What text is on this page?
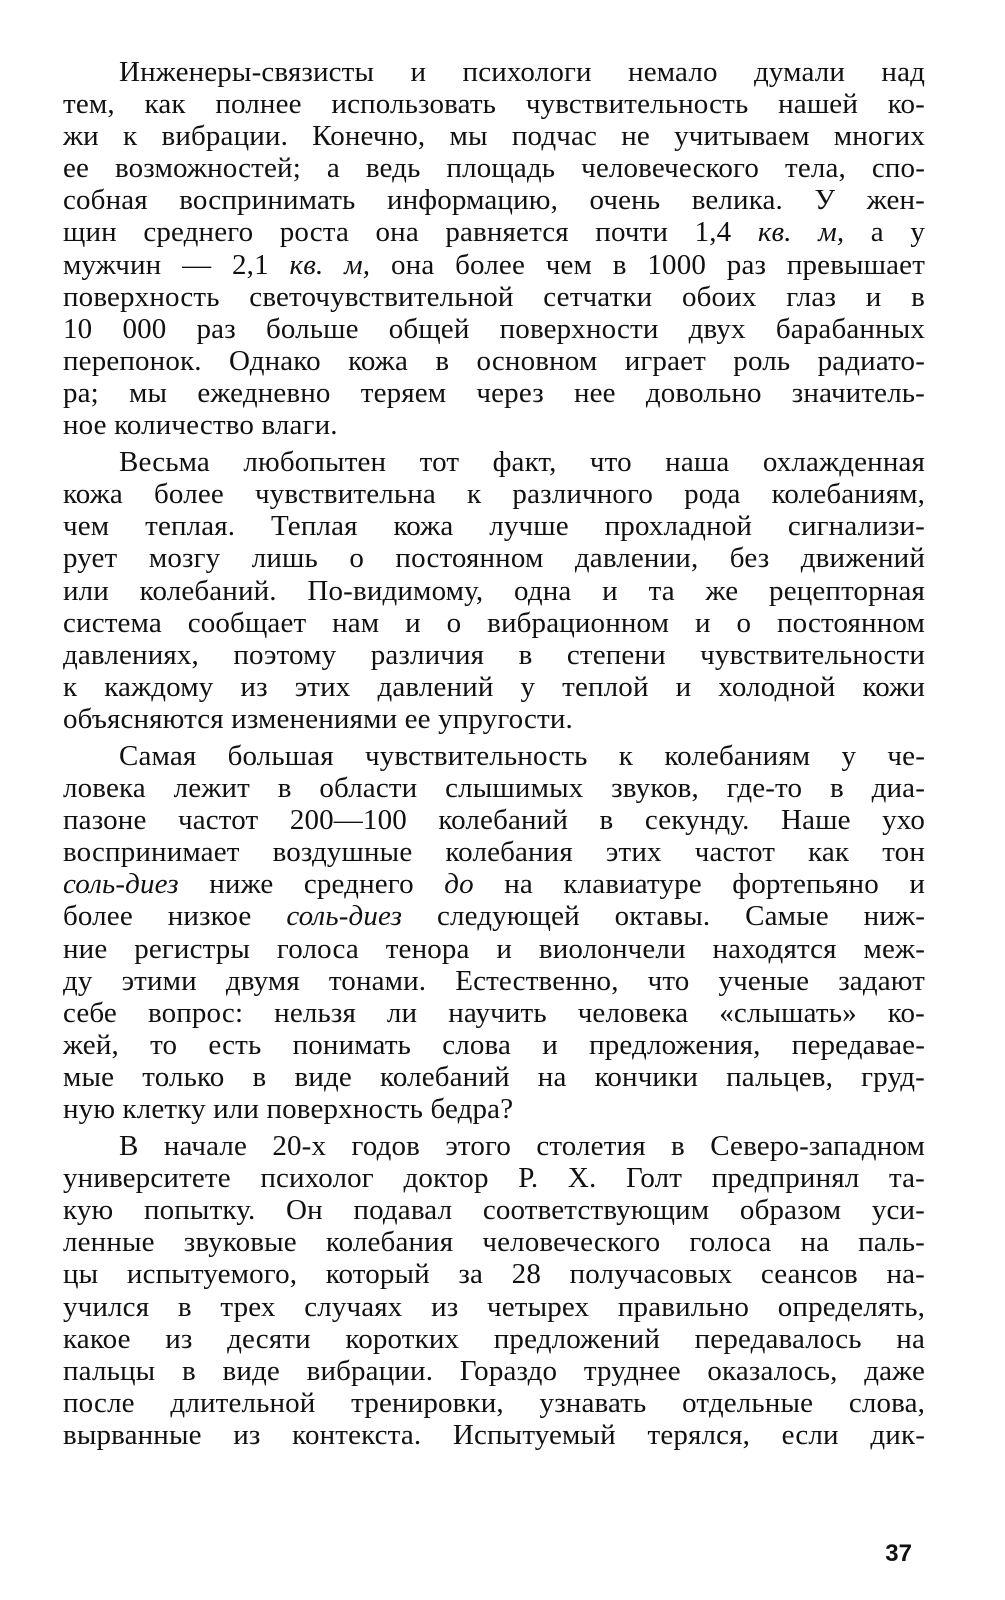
Инженеры-связисты и психологи немало думали над
тем, как полнее использовать чувствительность нашей ко-
жи к вибрации. Конечно, мы подчас не учитываем многих
ее возможностей; а ведь площадь человеческого тела, спо-
собная воспринимать информацию, очень велика. У жен-
щин среднего роста она равняется почти 1,4 кв. м, а у
мужчин — 2,1 кв. м, она более чем в 1000 раз превышает
поверхность светочувствительной сетчатки обоих глаз и в
10 000 раз больше общей поверхности двух барабанных
перепонок. Однако кожа в основном играет роль радиато-
ра; мы ежедневно теряем через нее довольно значитель-
ное количество влаги.
Весьма любопытен тот факт, что наша охлажденная
кожа более чувствительна к различного рода колебаниям,
чем теплая. Теплая кожа лучше прохладной сигнализи-
рует мозгу лишь о постоянном давлении, без движений
или колебаний. По-видимому, одна и та же рецепторная
система сообщает нам и о вибрационном и о постоянном
давлениях, поэтому различия в степени чувствительности
к каждому из этих давлений у теплой и холодной кожи
объясняются изменениями ее упругости.
Самая большая чувствительность к колебаниям у че-
ловека лежит в области слышимых звуков, где-то в диа-
пазоне частот 200—100 колебаний в секунду. Наше ухо
воспринимает воздушные колебания этих частот как тон
соль-диез ниже среднего до на клавиатуре фортепьяно и
более низкое соль-диез следующей октавы. Самые ниж-
ние регистры голоса тенора и виолончели находятся меж-
ду этими двумя тонами. Естественно, что ученые задают
себе вопрос: нельзя ли научить человека «слышать» ко-
жей, то есть понимать слова и предложения, передавае-
мые только в виде колебаний на кончики пальцев, груд-
ную клетку или поверхность бедра?
В начале 20-х годов этого столетия в Северо-западном
университете психолог доктор Р. Х. Голт предпринял та-
кую попытку. Он подавал соответствующим образом уси-
ленные звуковые колебания человеческого голоса на паль-
цы испытуемого, который за 28 получасовых сеансов на-
учился в трех случаях из четырех правильно определять,
какое из десяти коротких предложений передавалось на
пальцы в виде вибрации. Гораздо труднее оказалось, даже
после длительной тренировки, узнавать отдельные слова,
вырванные из контекста. Испытуемый терялся, если дик-
37
